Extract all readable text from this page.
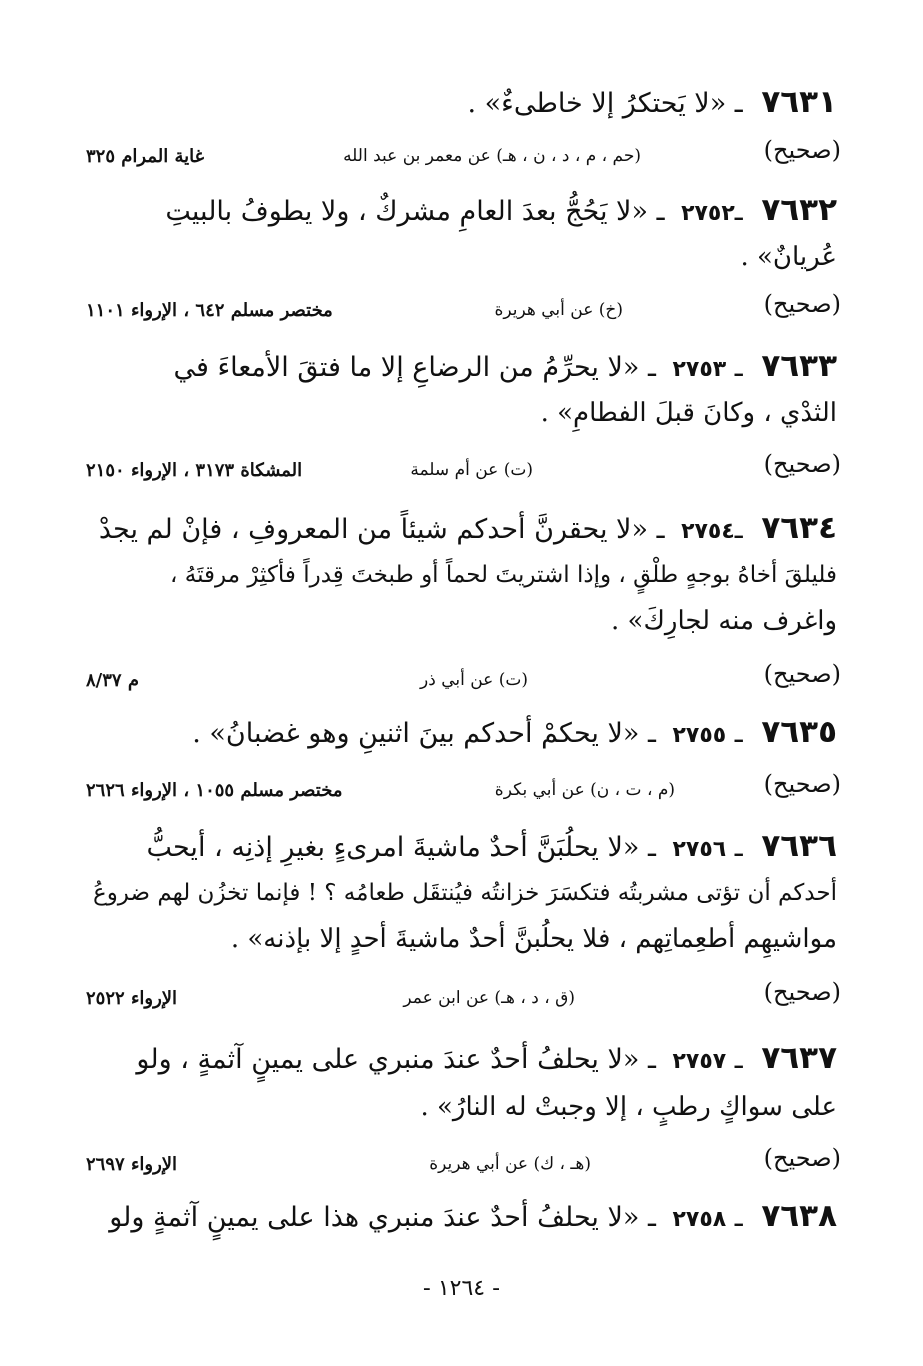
٧٦٣١ ـ «لا يَحتكرُ إلا خاطىءٌ» .
(صحيح)
(حم ، م ، د ، ن ، هـ) عن معمر بن عبد الله
غاية المرام ٣٢٥
٧٦٣٢ ـ٢٧٥٢ ـ «لا يَحُجُّ بعدَ العامِ مشركٌ ، ولا يطوفُ بالبيتِ
عُريانٌ» .
(صحيح)
(خ) عن أبي هريرة
مختصر مسلم ٦٤٢ ، الإرواء ١١٠١
٧٦٣٣ ـ ٢٧٥٣ ـ «لا يحرِّمُ من الرضاعِ إلا ما فتقَ الأمعاءَ في
الثدْي ، وكانَ قبلَ الفطامِ» .
(صحيح)
(ت) عن أم سلمة
المشكاة ٣١٧٣ ، الإرواء ٢١٥٠
٧٦٣٤ ـ٢٧٥٤ ـ «لا يحقرنَّ أحدكم شيئاً من المعروفِ ، فإنْ لم يجدْ
فليلقَ أخاهُ بوجهٍ طلْقٍ ، وإذا اشتريتَ لحماً أو طبختَ قِدراً فأكثِرْ مرقتَهُ ،
واغرف منه لجارِكَ» .
(صحيح)
(ت) عن أبي ذر
م ٨/٣٧
٧٦٣٥ ـ ٢٧٥٥ ـ «لا يحكمْ أحدكم بينَ اثنينِ وهو غضبانُ» .
(صحيح)
(م ، ت ، ن) عن أبي بكرة
مختصر مسلم ١٠٥٥ ، الإرواء ٢٦٢٦
٧٦٣٦ ـ ٢٧٥٦ ـ «لا يحلُبَنَّ أحدٌ ماشيةَ امرىءٍ بغيرِ إذنِه ، أيحبُّ
أحدكم أن تؤتى مشربتُه فتكسَرَ خزانتُه فيُنتقَل طعامُه ؟ ! فإنما تخزُن لهم ضروعُ
مواشيهِم أطعِماتِهم ، فلا يحلُبنَّ أحدٌ ماشيةَ أحدٍ إلا بإذنه» .
(صحيح)
(ق ، د ، هـ) عن ابن عمر
الإرواء ٢٥٢٢
٧٦٣٧ ـ ٢٧٥٧ ـ «لا يحلفُ أحدٌ عندَ منبري على يمينٍ آثمةٍ ، ولو
على سواكٍ رطبٍ ، إلا وجبتْ له النارُ» .
(صحيح)
(هـ ، ك) عن أبي هريرة
الإرواء ٢٦٩٧
٧٦٣٨ ـ ٢٧٥٨ ـ «لا يحلفُ أحدٌ عندَ منبري هذا على يمينٍ آثمةٍ ولو
- ١٢٦٤ -
